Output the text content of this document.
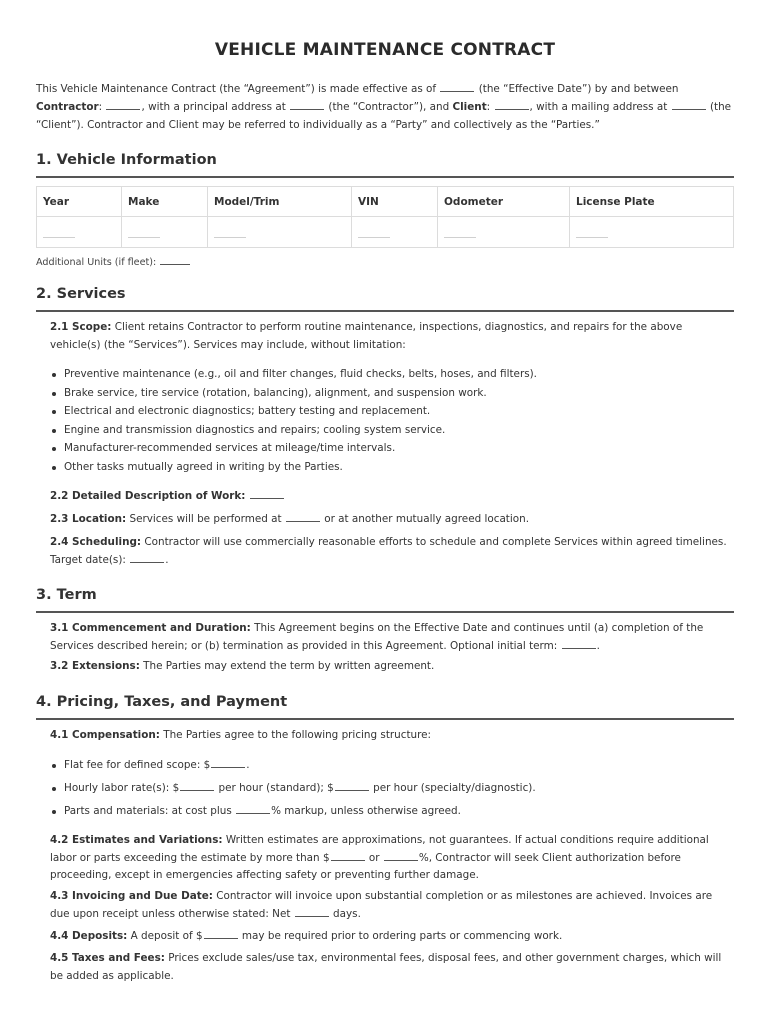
VEHICLE MAINTENANCE CONTRACT
This Vehicle Maintenance Contract (the “Agreement”) is made effective as of	(the “Effective Date”) by and between
Contractor:	, with a principal address at	(the “Contractor”), and Client:	, with a mailing address at	(the
“Client”). Contractor and Client may be referred to individually as a “Party” and collectively as the “Parties.”
1. Vehicle Information
Year	Make	Model/Trim	VIN	Odometer	License Plate

Additional Units (if fleet):
2. Services
2.1 Scope: Client retains Contractor to perform routine maintenance, inspections, diagnostics, and repairs for the above vehicle(s) (the “Services”). Services may include, without limitation:
Preventive maintenance (e.g., oil and filter changes, fluid checks, belts, hoses, and filters).
Brake service, tire service (rotation, balancing), alignment, and suspension work.
Electrical and electronic diagnostics; battery testing and replacement.
Engine and transmission diagnostics and repairs; cooling system service.
Manufacturer-recommended services at mileage/time intervals.
Other tasks mutually agreed in writing by the Parties.
2.2 Detailed Description of Work:
2.3 Location: Services will be performed at	or at another mutually agreed location.
2.4 Scheduling: Contractor will use commercially reasonable efforts to schedule and complete Services within agreed timelines. Target date(s):	.
3. Term
3.1 Commencement and Duration: This Agreement begins on the Effective Date and continues until (a) completion of the Services described herein; or (b) termination as provided in this Agreement. Optional initial term:	.
3.2 Extensions: The Parties may extend the term by written agreement.
4. Pricing, Taxes, and Payment
4.1 Compensation: The Parties agree to the following pricing structure:
Flat fee for defined scope: $	.
Hourly labor rate(s): $	per hour (standard); $	per hour (specialty/diagnostic).
Parts and materials: at cost plus	% markup, unless otherwise agreed.
4.2 Estimates and Variations: Written estimates are approximations, not guarantees. If actual conditions require additional labor or parts exceeding the estimate by more than $	or	%, Contractor will seek Client authorization before proceeding, except in emergencies affecting safety or preventing further damage.
4.3 Invoicing and Due Date: Contractor will invoice upon substantial completion or as milestones are achieved. Invoices are due upon receipt unless otherwise stated: Net	days.
4.4 Deposits: A deposit of $	may be required prior to ordering parts or commencing work.
4.5 Taxes and Fees: Prices exclude sales/use tax, environmental fees, disposal fees, and other government charges, which will be added as applicable.
